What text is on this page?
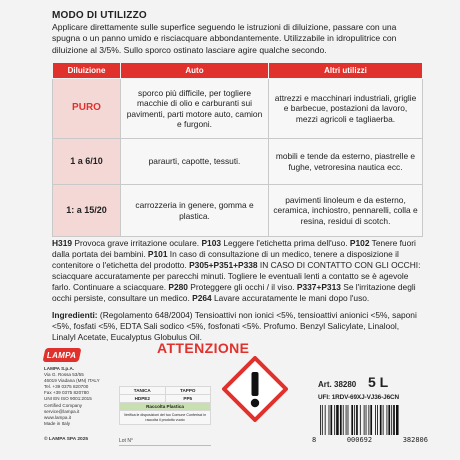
MODO DI UTILIZZO
Applicare direttamente sulle superfice seguendo le istruzioni di diluizione, passare con una spugna o un panno umido e risciacquare abbondantemente. Utilizzabile in idropulitrice con diluizione al 3/5%. Sullo sporco ostinato lasciare agire qualche secondo.
Diluizione	Auto	Altri utilizzi
PURO	sporco più difficile, per togliere macchie di olio e carburanti sui pavimenti, parti motore auto, camion e furgoni.	attrezzi e macchinari industriali, griglie e barbecue, postazioni da lavoro, mezzi agricoli e tagliaerba.
1 a 6/10	paraurti, capotte, tessuti.	mobili e tende da esterno, piastrelle e fughe, vetroresina nautica ecc.
1: a 15/20	carrozzeria in genere, gomma e plastica.	pavimenti linoleum e da esterno, ceramica, inchiostro, pennarelli, colla e resina, residui di scotch.
H319 Provoca grave irritazione oculare. P103 Leggere l'etichetta prima dell'uso. P102 Tenere fuori dalla portata dei bambini. P101 In caso di consultazione di un medico, tenere a disposizione il contenitore o l'etichetta del prodotto. P305+P351+P338 IN CASO DI CONTATTO CON GLI OCCHI: sciacquare accuratamente per parecchi minuti. Togliere le eventuali lenti a contatto se è agevole farlo. Continuare a sciacquare. P280 Proteggere gli occhi / il viso. P337+P313 Se l'irritazione degli occhi persiste, consultare un medico. P264 Lavare accuratamente le mani dopo l'uso.
Ingredienti: (Regolamento 648/2004) Tensioattivi non ionici <5%, tensioattivi anionici <5%, saponi <5%, fosfati <5%, EDTA Sali sodico <5%, fosfonati <5%. Profumo. Benzyl Salicylate, Linalool, Linalyl Acetate, Eucalyptus Globulus Oil.
LAMPA
LAMPA S.p.A.
Via G. Rossa 53/55
46019 Viadana (MN) ITALY
Tel. +39 0375 820700
Fax +39 0375 820780
UNI EN ISO 9001:2015
Certified Company
service@lampa.it
www.lampa.it
Made in Italy
© LAMPA SPA 2025
ATTENZIONE
TANICA	TAPPO
HDPE2	PP5
Raccolta Plastica	
Verifica le disposizioni del tuo Comune Conferisci in raccolta il prodotto vuoto	
Lot N°
Art. 38280 5 L
UFI: 1RDV-69XJ-VJ36-J6CN
8	000692	382806
